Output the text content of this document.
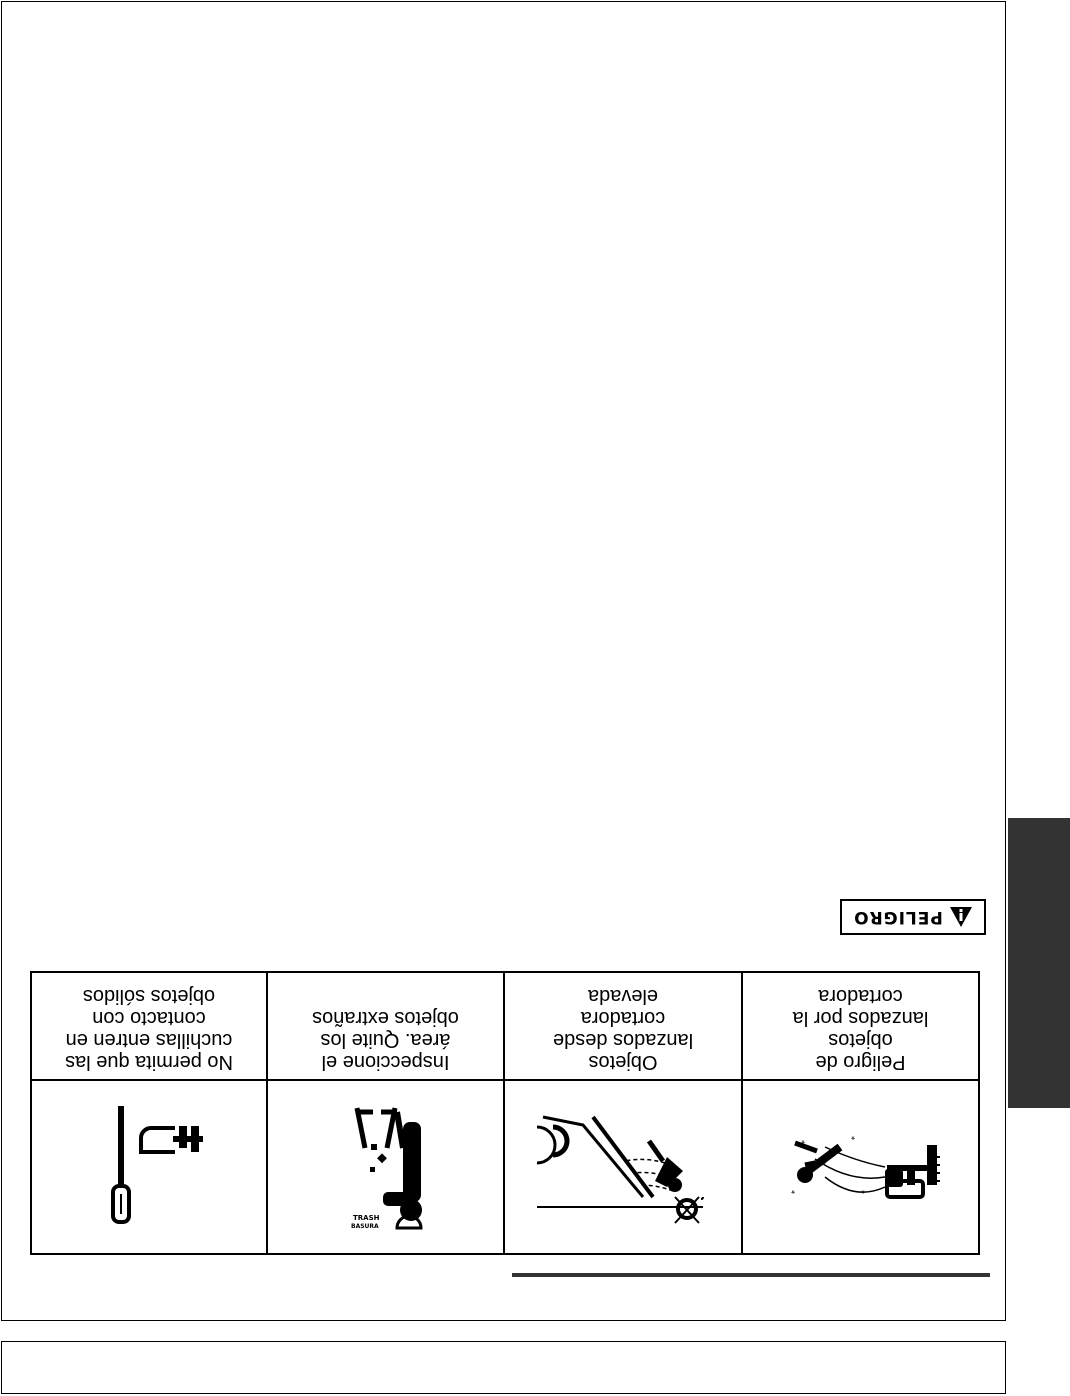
*
*	*
*
Peligro de
objetos
lanzados por la
cortadora
Objetos
lanzados desde
cortadora
elevada
TRASH
BASURA
Inspeccione el
área. Quite los
objetos extraños
No permita que las
cuchillas entren en
contacto con
objetos sólidos
PELIGRO
